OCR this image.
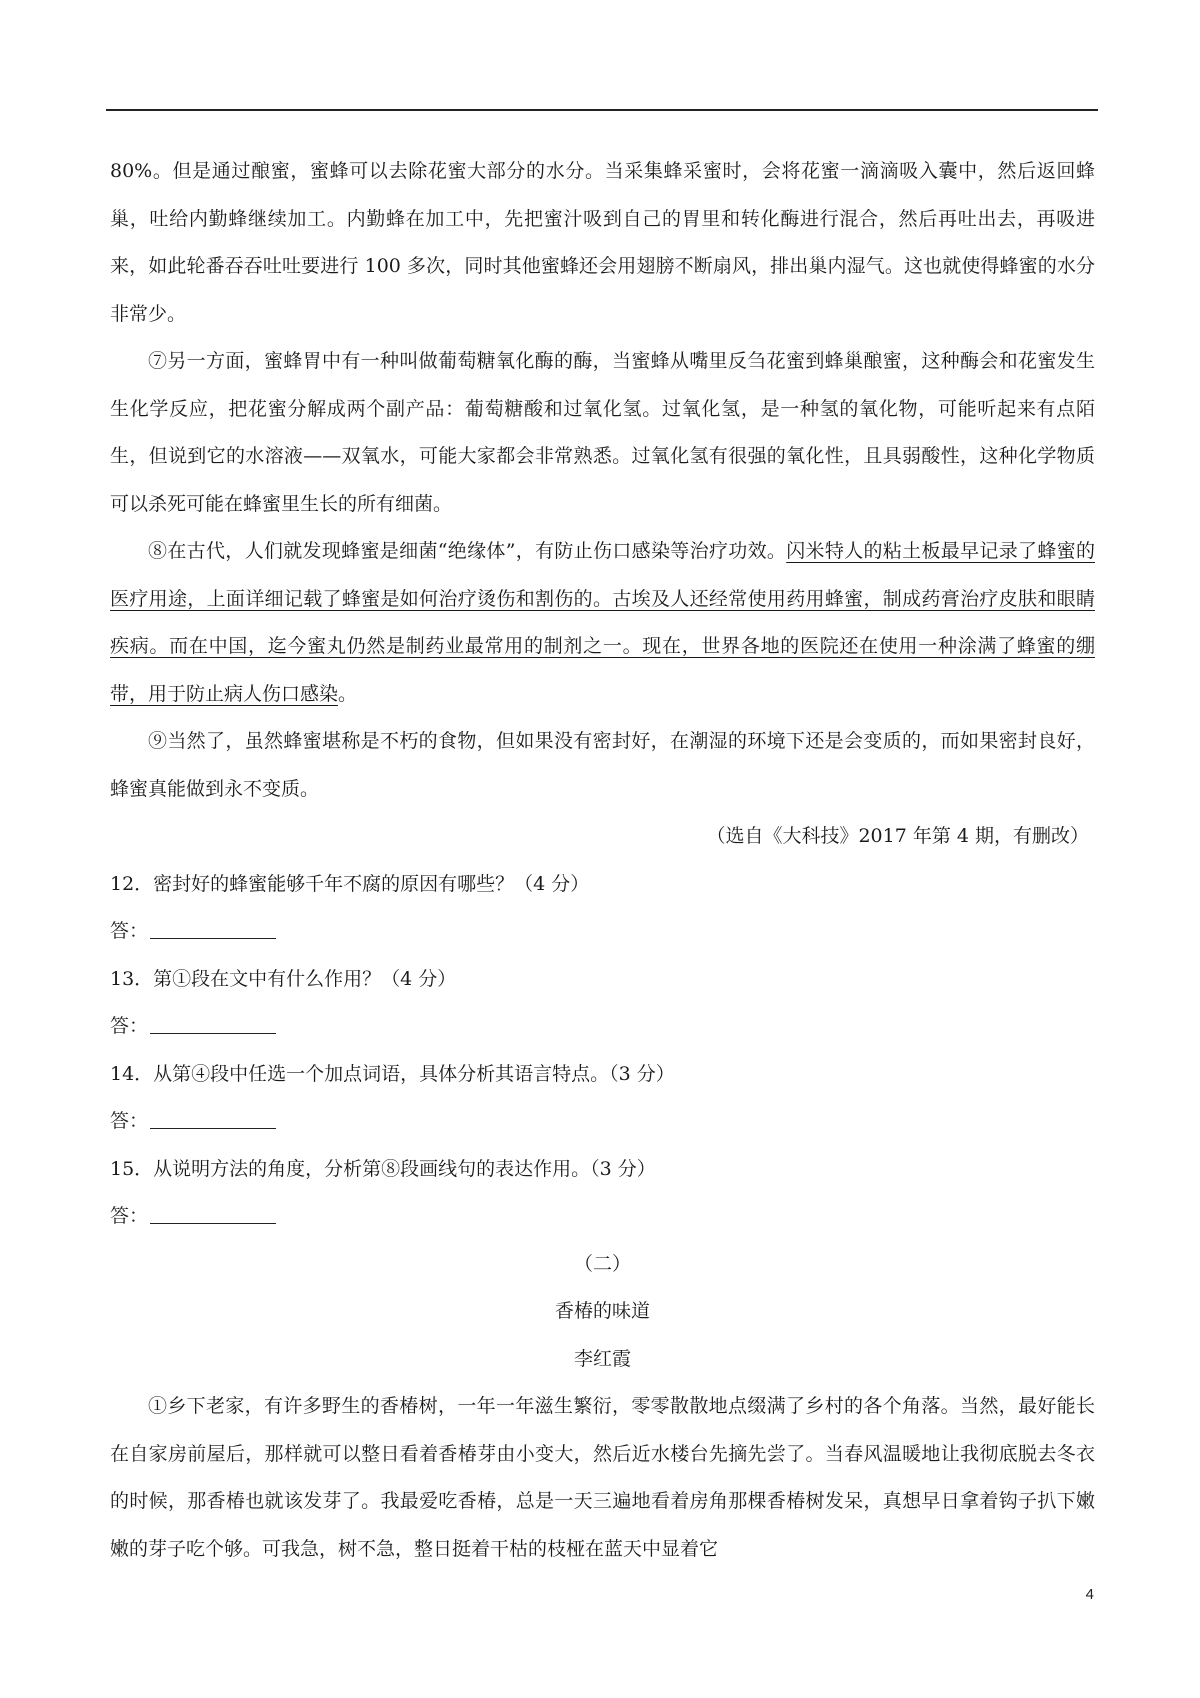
80%。但是通过酿蜜，蜜蜂可以去除花蜜大部分的水分。当采集蜂采蜜时，会将花蜜一滴滴吸入囊中，然后返回蜂巢，吐给内勤蜂继续加工。内勤蜂在加工中，先把蜜汁吸到自己的胃里和转化酶进行混合，然后再吐出去，再吸进来，如此轮番吞吞吐吐要进行 100 多次，同时其他蜜蜂还会用翅膀不断扇风，排出巢内湿气。这也就使得蜂蜜的水分非常少。

⑦另一方面，蜜蜂胃中有一种叫做葡萄糖氧化酶的酶，当蜜蜂从嘴里反刍花蜜到蜂巢酿蜜，这种酶会和花蜜发生生化学反应，把花蜜分解成两个副产品：葡萄糖酸和过氧化氢。过氧化氢，是一种氢的氧化物，可能听起来有点陌生，但说到它的水溶液——双氧水，可能大家都会非常熟悉。过氧化氢有很强的氧化性，且具弱酸性，这种化学物质可以杀死可能在蜂蜜里生长的所有细菌。

⑧在古代，人们就发现蜂蜜是细菌“绝缘体”，有防止伤口感染等治疗功效。闪米特人的粘土板最早记录了蜂蜜的医疗用途，上面详细记载了蜂蜜是如何治疗烫伤和割伤的。古埃及人还经常使用药用蜂蜜，制成药膏治疗皮肤和眼睛疾病。而在中国，迄今蜜丸仍然是制药业最常用的制剂之一。现在，世界各地的医院还在使用一种涂满了蜂蜜的绷带，用于防止病人伤口感染。

⑨当然了，虽然蜂蜜堪称是不朽的食物，但如果没有密封好，在潮湿的环境下还是会变质的，而如果密封良好，蜂蜜真能做到永不变质。

（选自《大科技》2017 年第 4 期，有删改）

12．密封好的蜂蜜能够千年不腐的原因有哪些？（4 分）

答：

13．第①段在文中有什么作用？（4 分）

答：

14．从第④段中任选一个加点词语，具体分析其语言特点。（3 分）

答：

15．从说明方法的角度，分析第⑧段画线句的表达作用。（3 分）

答：

（二）

香椿的味道

李红霞

①乡下老家，有许多野生的香椿树，一年一年滋生繁衍，零零散散地点缀满了乡村的各个角落。当然，最好能长在自家房前屋后，那样就可以整日看着香椿芽由小变大，然后近水楼台先摘先尝了。当春风温暖地让我彻底脱去冬衣的时候，那香椿也就该发芽了。我最爱吃香椿，总是一天三遍地看着房角那棵香椿树发呆，真想早日拿着钩子扒下嫩嫩的芽子吃个够。可我急，树不急，整日挺着干枯的枝桠在蓝天中显着它

4
